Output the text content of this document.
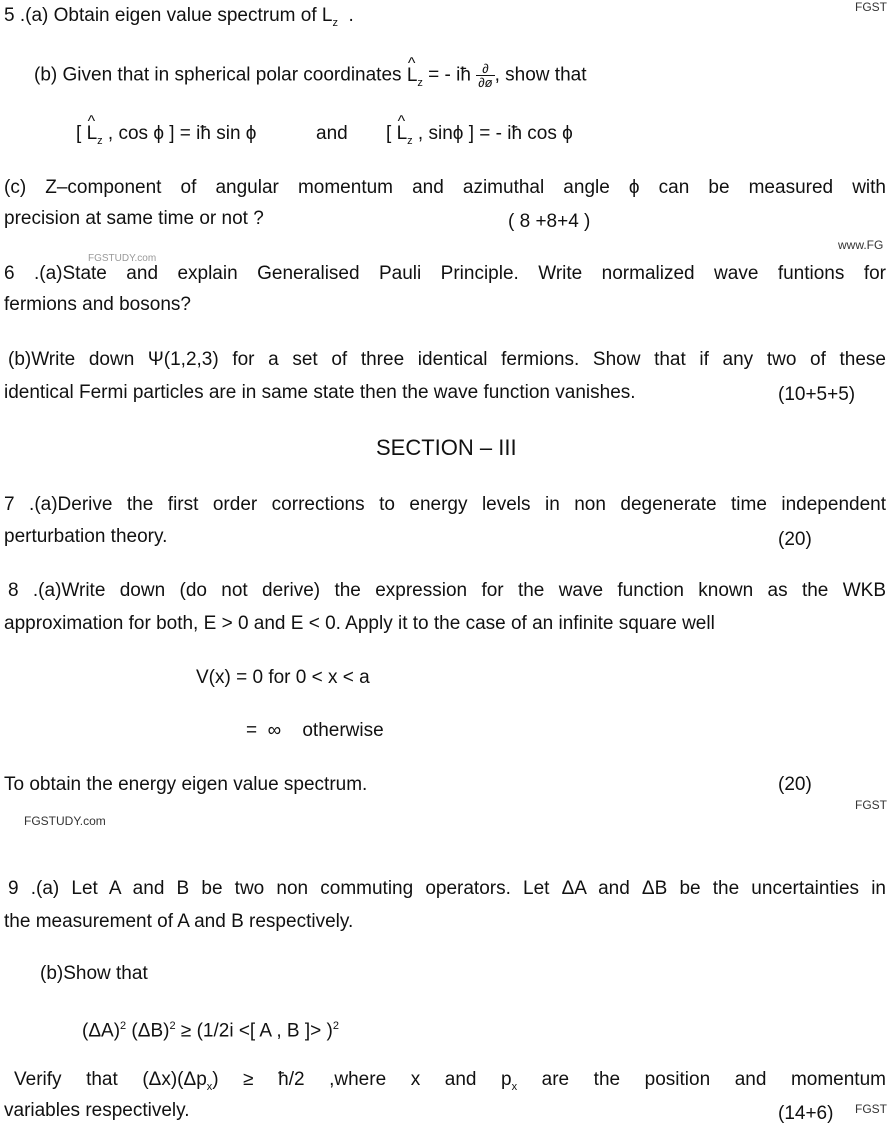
FGST
www.FG
FGSTUDY.com
FGST
FGSTUDY.com
FGST
5 .(a) Obtain eigen value spectrum of $L_z$ .
(b) Given that in spherical polar coordinates ^ $L_z$ = - iħ $\frac{\partial}{\partial ø}$ , show that
[ ^ $L_z$ , cos ϕ ] = iħ sin ϕ	and [ ^ $L_z$ , sinϕ ] = - iħ cos ϕ
(c) Z–component of angular momentum and azimuthal angle ϕ can be measured with
precision at same time or not ?	( 8 +8+4 )
6 .(a)State and explain Generalised Pauli Principle. Write normalized wave funtions for
fermions and bosons?
(b)Write down Ψ(1,2,3) for a set of three identical fermions. Show that if any two of these
identical Fermi particles are in same state then the wave function vanishes.	(10+5+5)
SECTION – III
7 .(a)Derive the first order corrections to energy levels in non degenerate time independent
perturbation theory.	(20)
8 .(a)Write down (do not derive) the expression for the wave function known as the WKB
approximation for both, E > 0 and E < 0. Apply it to the case of an infinite square well
V(x) = 0 for 0 < x < a
= ∞ otherwise
To obtain the energy eigen value spectrum.	(20)
9 .(a) Let A and B be two non commuting operators. Let ΔA and ΔB be the uncertainties in
the measurement of A and B respectively.
(b)Show that
$(\Delta A)^2$ $(\Delta B)^2 \ge (1/2i$ <[ A , B ]> )$^2$
Verify that $(\Delta x)(\Delta p_x)$ ≥ ħ/2 ,where x and $p_x$ are the position and momentum
variables respectively.	(14+6)
